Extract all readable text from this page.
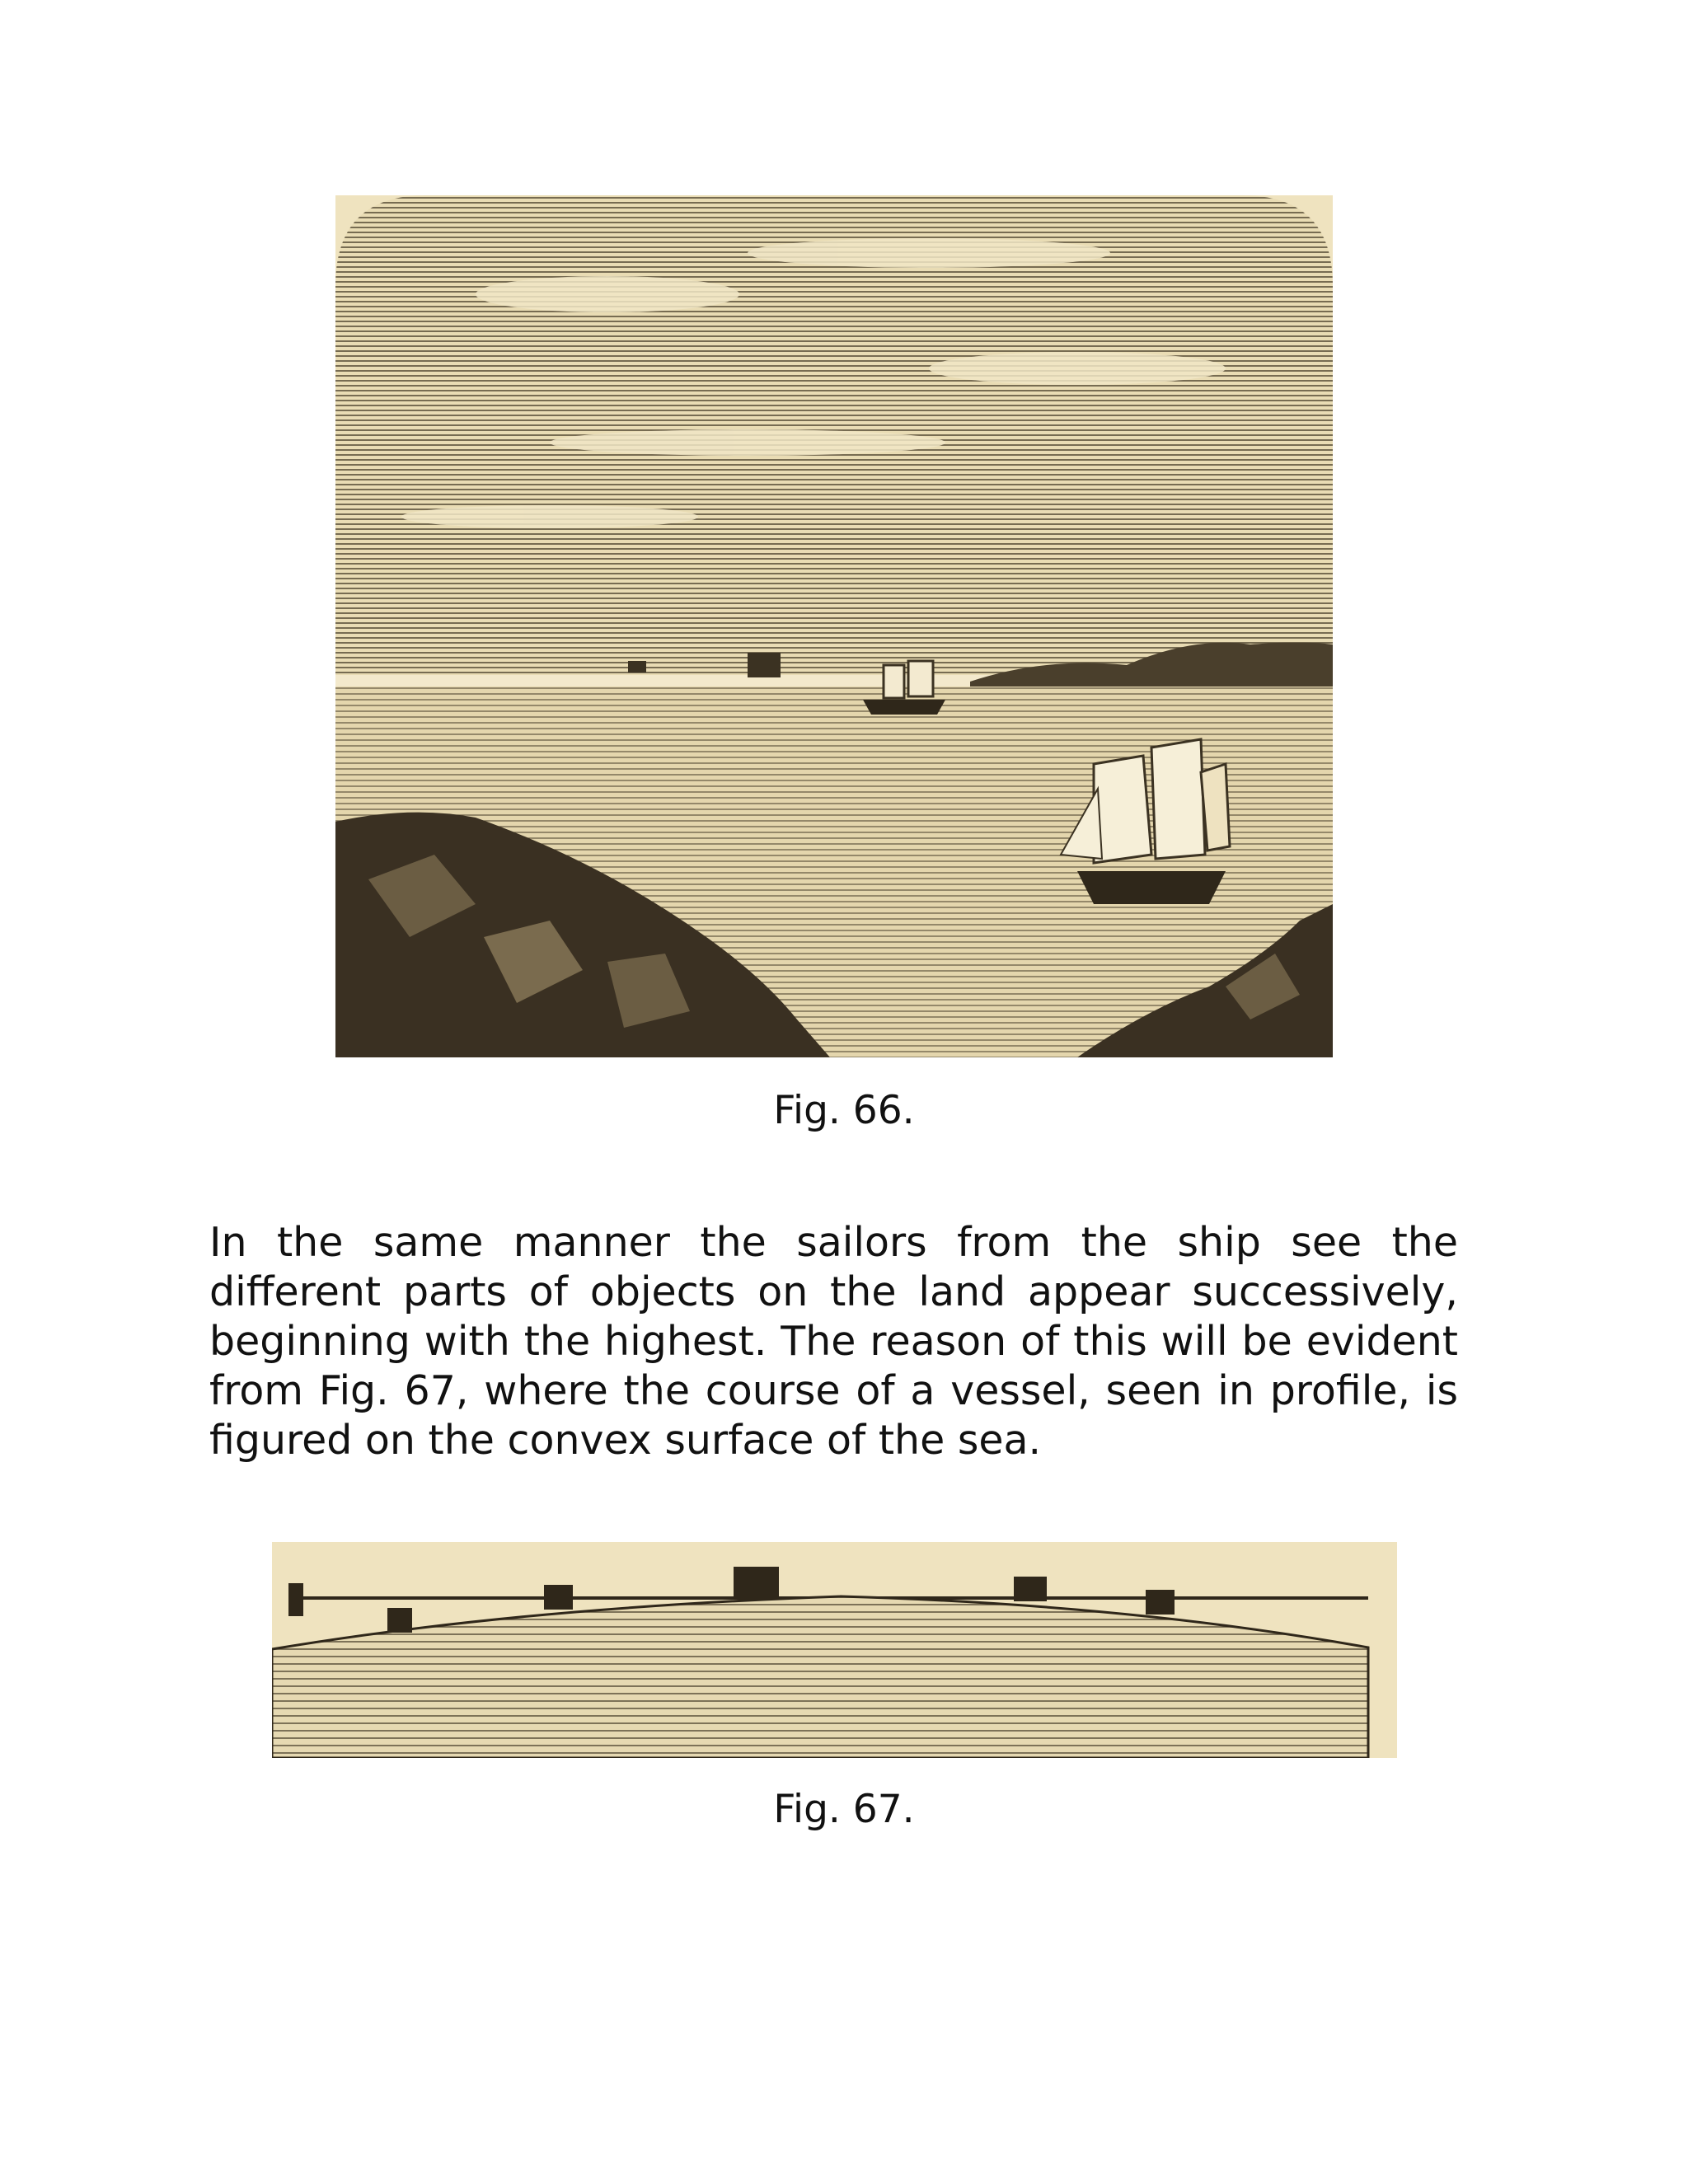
Fig. 66.
In the same manner the sailors from the ship see the different parts of objects on the land appear successively, beginning with the highest. The reason of this will be evident from Fig. 67, where the course of a vessel, seen in profile, is figured on the convex surface of the sea.
Fig. 67.
